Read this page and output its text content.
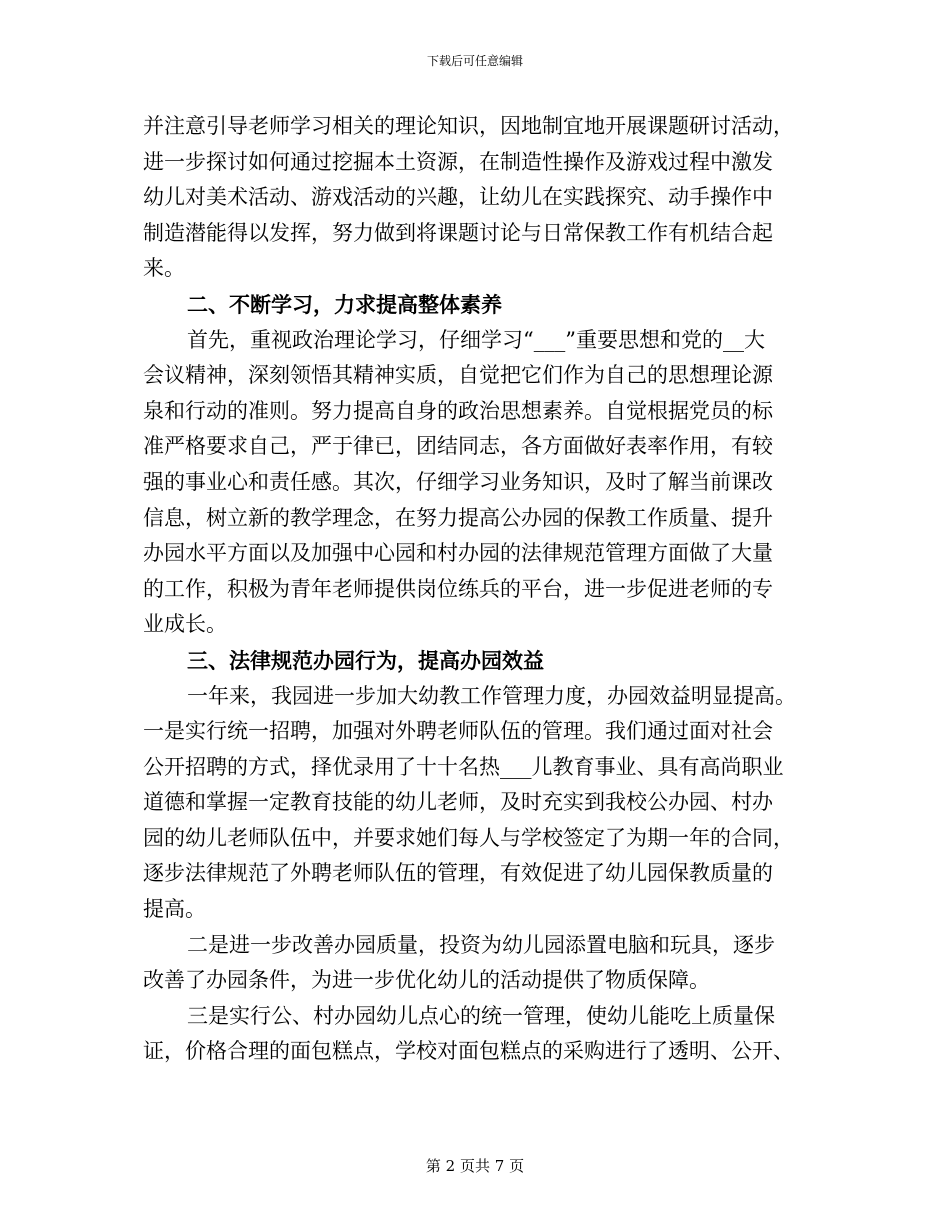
下载后可任意编辑
并注意引导老师学习相关的理论知识，因地制宜地开展课题研讨活动，
进一步探讨如何通过挖掘本土资源，在制造性操作及游戏过程中激发
幼儿对美术活动、游戏活动的兴趣，让幼儿在实践探究、动手操作中
制造潜能得以发挥，努力做到将课题讨论与日常保教工作有机结合起
来。
二、不断学习，力求提高整体素养
首先，重视政治理论学习，仔细学习“___”重要思想和党的__大
会议精神，深刻领悟其精神实质，自觉把它们作为自己的思想理论源
泉和行动的准则。努力提高自身的政治思想素养。自觉根据党员的标
准严格要求自己，严于律已，团结同志，各方面做好表率作用，有较
强的事业心和责任感。其次，仔细学习业务知识，及时了解当前课改
信息，树立新的教学理念，在努力提高公办园的保教工作质量、提升
办园水平方面以及加强中心园和村办园的法律规范管理方面做了大量
的工作，积极为青年老师提供岗位练兵的平台，进一步促进老师的专
业成长。
三、法律规范办园行为，提高办园效益
一年来，我园进一步加大幼教工作管理力度，办园效益明显提高。
一是实行统一招聘，加强对外聘老师队伍的管理。我们通过面对社会
公开招聘的方式，择优录用了十十名热___儿教育事业、具有高尚职业
道德和掌握一定教育技能的幼儿老师，及时充实到我校公办园、村办
园的幼儿老师队伍中，并要求她们每人与学校签定了为期一年的合同，
逐步法律规范了外聘老师队伍的管理，有效促进了幼儿园保教质量的
提高。
二是进一步改善办园质量，投资为幼儿园添置电脑和玩具，逐步
改善了办园条件，为进一步优化幼儿的活动提供了物质保障。
三是实行公、村办园幼儿点心的统一管理，使幼儿能吃上质量保
证，价格合理的面包糕点，学校对面包糕点的采购进行了透明、公开、
第 2 页共 7 页
